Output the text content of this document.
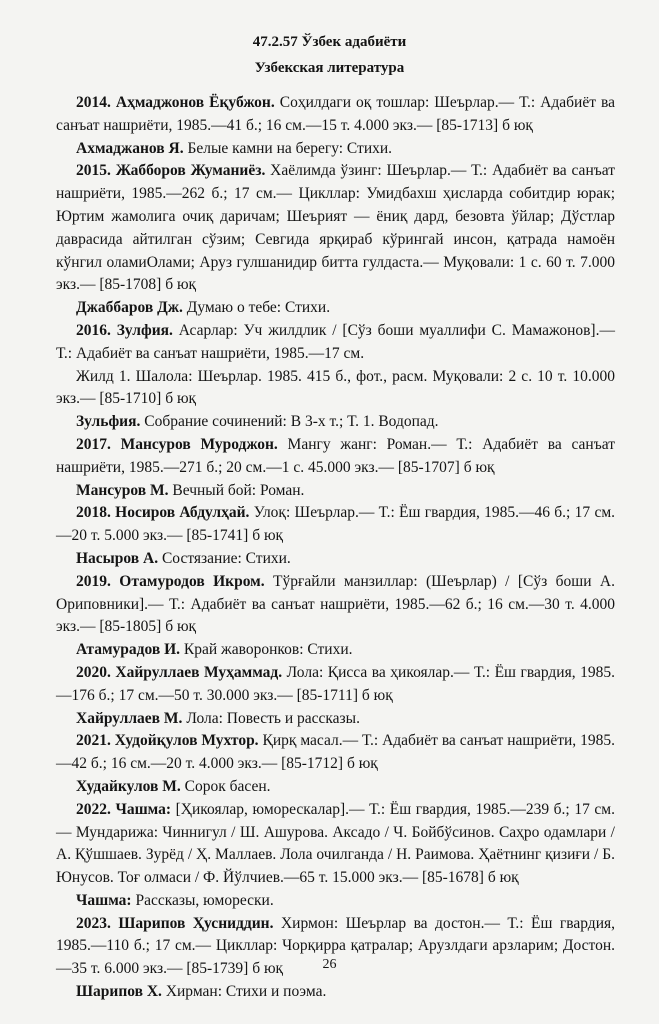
47.2.57 Ўзбек адабиёти
Узбекская литература

2014. Аҳмаджонов Ёқубжон. Соҳилдаги оқ тошлар: Шеърлар.— Т.: Адабиёт ва санъат нашриёти, 1985.—41 б.; 16 см.—15 т. 4.000 экз.— [85-1713] б юқ

Ахмаджанов Я. Белые камни на берегу: Стихи.

2015. Жабборов Жуманиёз. Хаёлимда ўзинг: Шеърлар.— Т.: Адабиёт ва санъат нашриёти, 1985.—262 б.; 17 см.— Цикллар: Умидбахш ҳисларда собитдир юрак; Юртим жамолига очиқ даричам; Шеърият — ёниқ дард, безовта ўйлар; Дўстлар даврасида айтилган сўзим; Севгида ярқираб кўрингай инсон, қатрада намоён кўнгил оламиОлами; Аруз гулшанидир битта гулдаста.— Муқовали: 1 с. 60 т. 7.000 экз.— [85-1708] б юқ

Джаббаров Дж. Думаю о тебе: Стихи.

2016. Зулфия. Асарлар: Уч жилдлик / [Сўз боши муаллифи С. Мамажонов].— Т.: Адабиёт ва санъат нашриёти, 1985.—17 см.

Жилд 1. Шалола: Шеърлар. 1985. 415 б., фот., расм. Муқовали: 2 с. 10 т. 10.000 экз.— [85-1710] б юқ

Зульфия. Собрание сочинений: В 3-х т.; Т. 1. Водопад.

2017. Мансуров Муроджон. Мангу жанг: Роман.— Т.: Адабиёт ва санъат нашриёти, 1985.—271 б.; 20 см.—1 с. 45.000 экз.— [85-1707] б юқ

Мансуров М. Вечный бой: Роман.

2018. Носиров Абдулҳай. Улоқ: Шеърлар.— Т.: Ёш гвардия, 1985.—46 б.; 17 см.—20 т. 5.000 экз.— [85-1741] б юқ

Насыров А. Состязание: Стихи.

2019. Отамуродов Икром. Тўрғайли манзиллар: (Шеърлар) / [Сўз боши А. Ориповники].— Т.: Адабиёт ва санъат нашриёти, 1985.—62 б.; 16 см.—30 т. 4.000 экз.— [85-1805] б юқ

Атамурадов И. Край жаворонков: Стихи.

2020. Хайруллаев Муҳаммад. Лола: Қисса ва ҳикоялар.— Т.: Ёш гвардия, 1985.—176 б.; 17 см.—50 т. 30.000 экз.— [85-1711] б юқ

Хайруллаев М. Лола: Повесть и рассказы.

2021. Худойқулов Мухтор. Қирқ масал.— Т.: Адабиёт ва санъат нашриёти, 1985.—42 б.; 16 см.—20 т. 4.000 экз.— [85-1712] б юқ

Худайкулов М. Сорок басен.

2022. Чашма: [Ҳикоялар, юморескалар].— Т.: Ёш гвардия, 1985.—239 б.; 17 см.— Мундарижа: Чиннигул / Ш. Ашурова. Аксадо / Ч. Бойбўсинов. Саҳро одамлари / А. Қўшшаев. Зурёд / Ҳ. Маллаев. Лола очилганда / Н. Раимова. Ҳаётнинг қизиғи / Б. Юнусов. Тоғ олмаси / Ф. Йўлчиев.—65 т. 15.000 экз.— [85-1678] б юқ

Чашма: Рассказы, юморески.

2023. Шарипов Ҳусниддин. Хирмон: Шеърлар ва достон.— Т.: Ёш гвардия, 1985.—110 б.; 17 см.— Цикллар: Чорқирра қатралар; Арузлдаги арзларим; Достон.—35 т. 6.000 экз.— [85-1739] б юқ

Шарипов Х. Хирман: Стихи и поэма.

26
